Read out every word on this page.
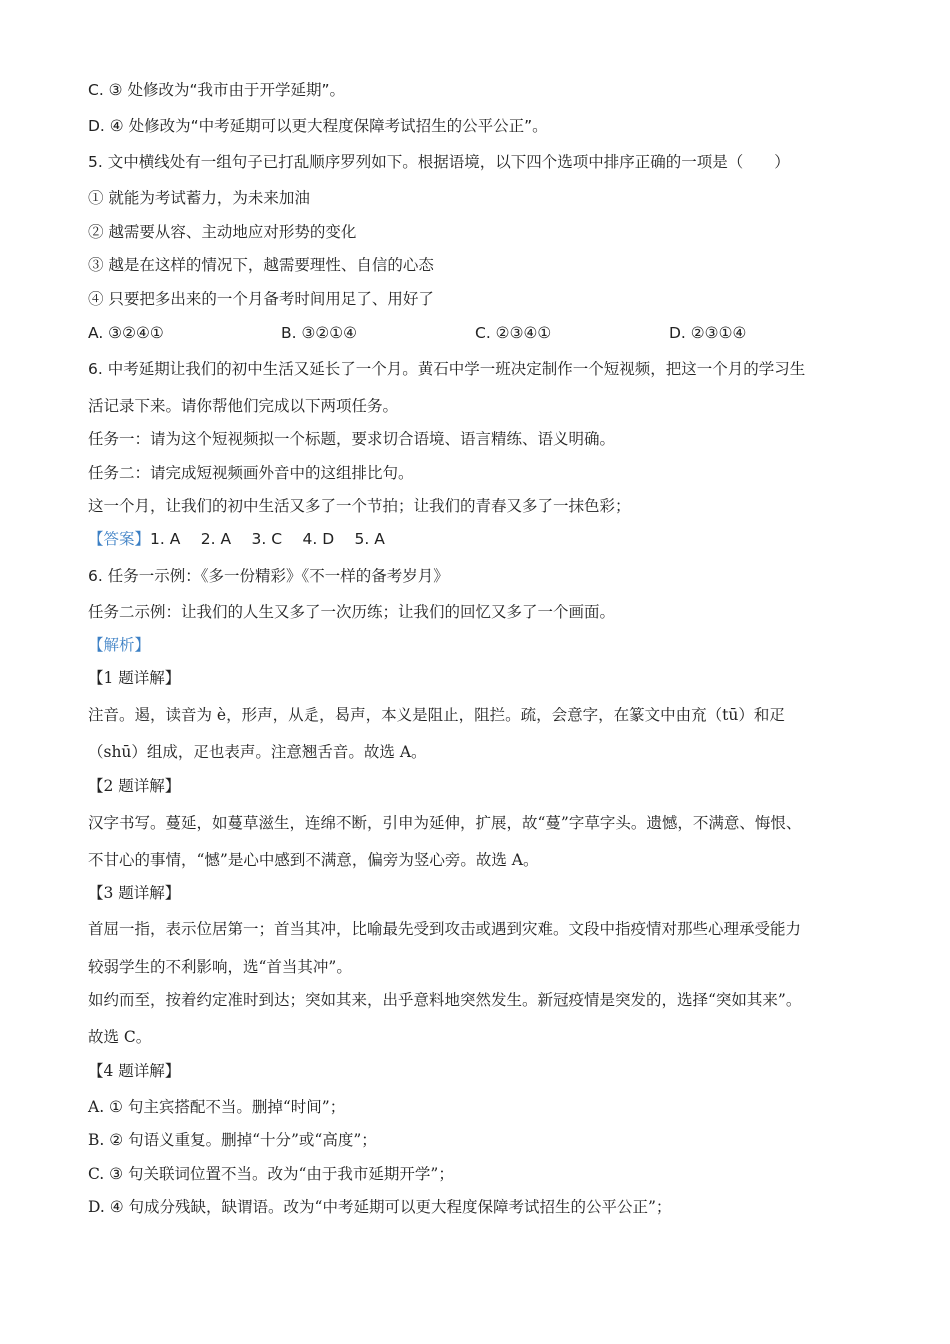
C. ③ 处修改为“我市由于开学延期”。
D. ④ 处修改为“中考延期可以更大程度保障考试招生的公平公正”。
5. 文中横线处有一组句子已打乱顺序罗列如下。根据语境，以下四个选项中排序正确的一项是（　　）
① 就能为考试蓄力，为未来加油
② 越需要从容、主动地应对形势的变化
③ 越是在这样的情况下，越需要理性、自信的心态
④ 只要把多出来的一个月备考时间用足了、用好了
A. ③②④①	B. ③②①④	C. ②③④①	D. ②③①④
6. 中考延期让我们的初中生活又延长了一个月。黄石中学一班决定制作一个短视频，把这一个月的学习生
活记录下来。请你帮他们完成以下两项任务。
任务一：请为这个短视频拟一个标题，要求切合语境、语言精练、语义明确。
任务二：请完成短视频画外音中的这组排比句。
这一个月，让我们的初中生活又多了一个节拍；让我们的青春又多了一抹色彩；
【答案】1. A　 2. A　 3. C　 4. D　 5. A
6. 任务一示例：《多一份精彩》《不一样的备考岁月》
任务二示例：让我们的人生又多了一次历练；让我们的回忆又多了一个画面。
【解析】
【1 题详解】
注音。遏，读音为 è，形声，从辵，曷声，本义是阻止，阻拦。疏，会意字，在篆文中由㐬（tū）和疋
（shū）组成，疋也表声。注意翘舌音。故选 A。
【2 题详解】
汉字书写。蔓延，如蔓草滋生，连绵不断，引申为延伸，扩展，故“蔓”字草字头。遗憾，不满意、悔恨、
不甘心的事情，“憾”是心中感到不满意，偏旁为竖心旁。故选 A。
【3 题详解】
首屈一指，表示位居第一；首当其冲，比喻最先受到攻击或遇到灾难。文段中指疫情对那些心理承受能力
较弱学生的不利影响，选“首当其冲”。
如约而至，按着约定准时到达；突如其来，出乎意料地突然发生。新冠疫情是突发的，选择“突如其来”。
故选 C。
【4 题详解】
A. ① 句主宾搭配不当。删掉“时间”；
B. ② 句语义重复。删掉“十分”或“高度”；
C. ③ 句关联词位置不当。改为“由于我市延期开学”；
D. ④ 句成分残缺，缺谓语。改为“中考延期可以更大程度保障考试招生的公平公正”；
